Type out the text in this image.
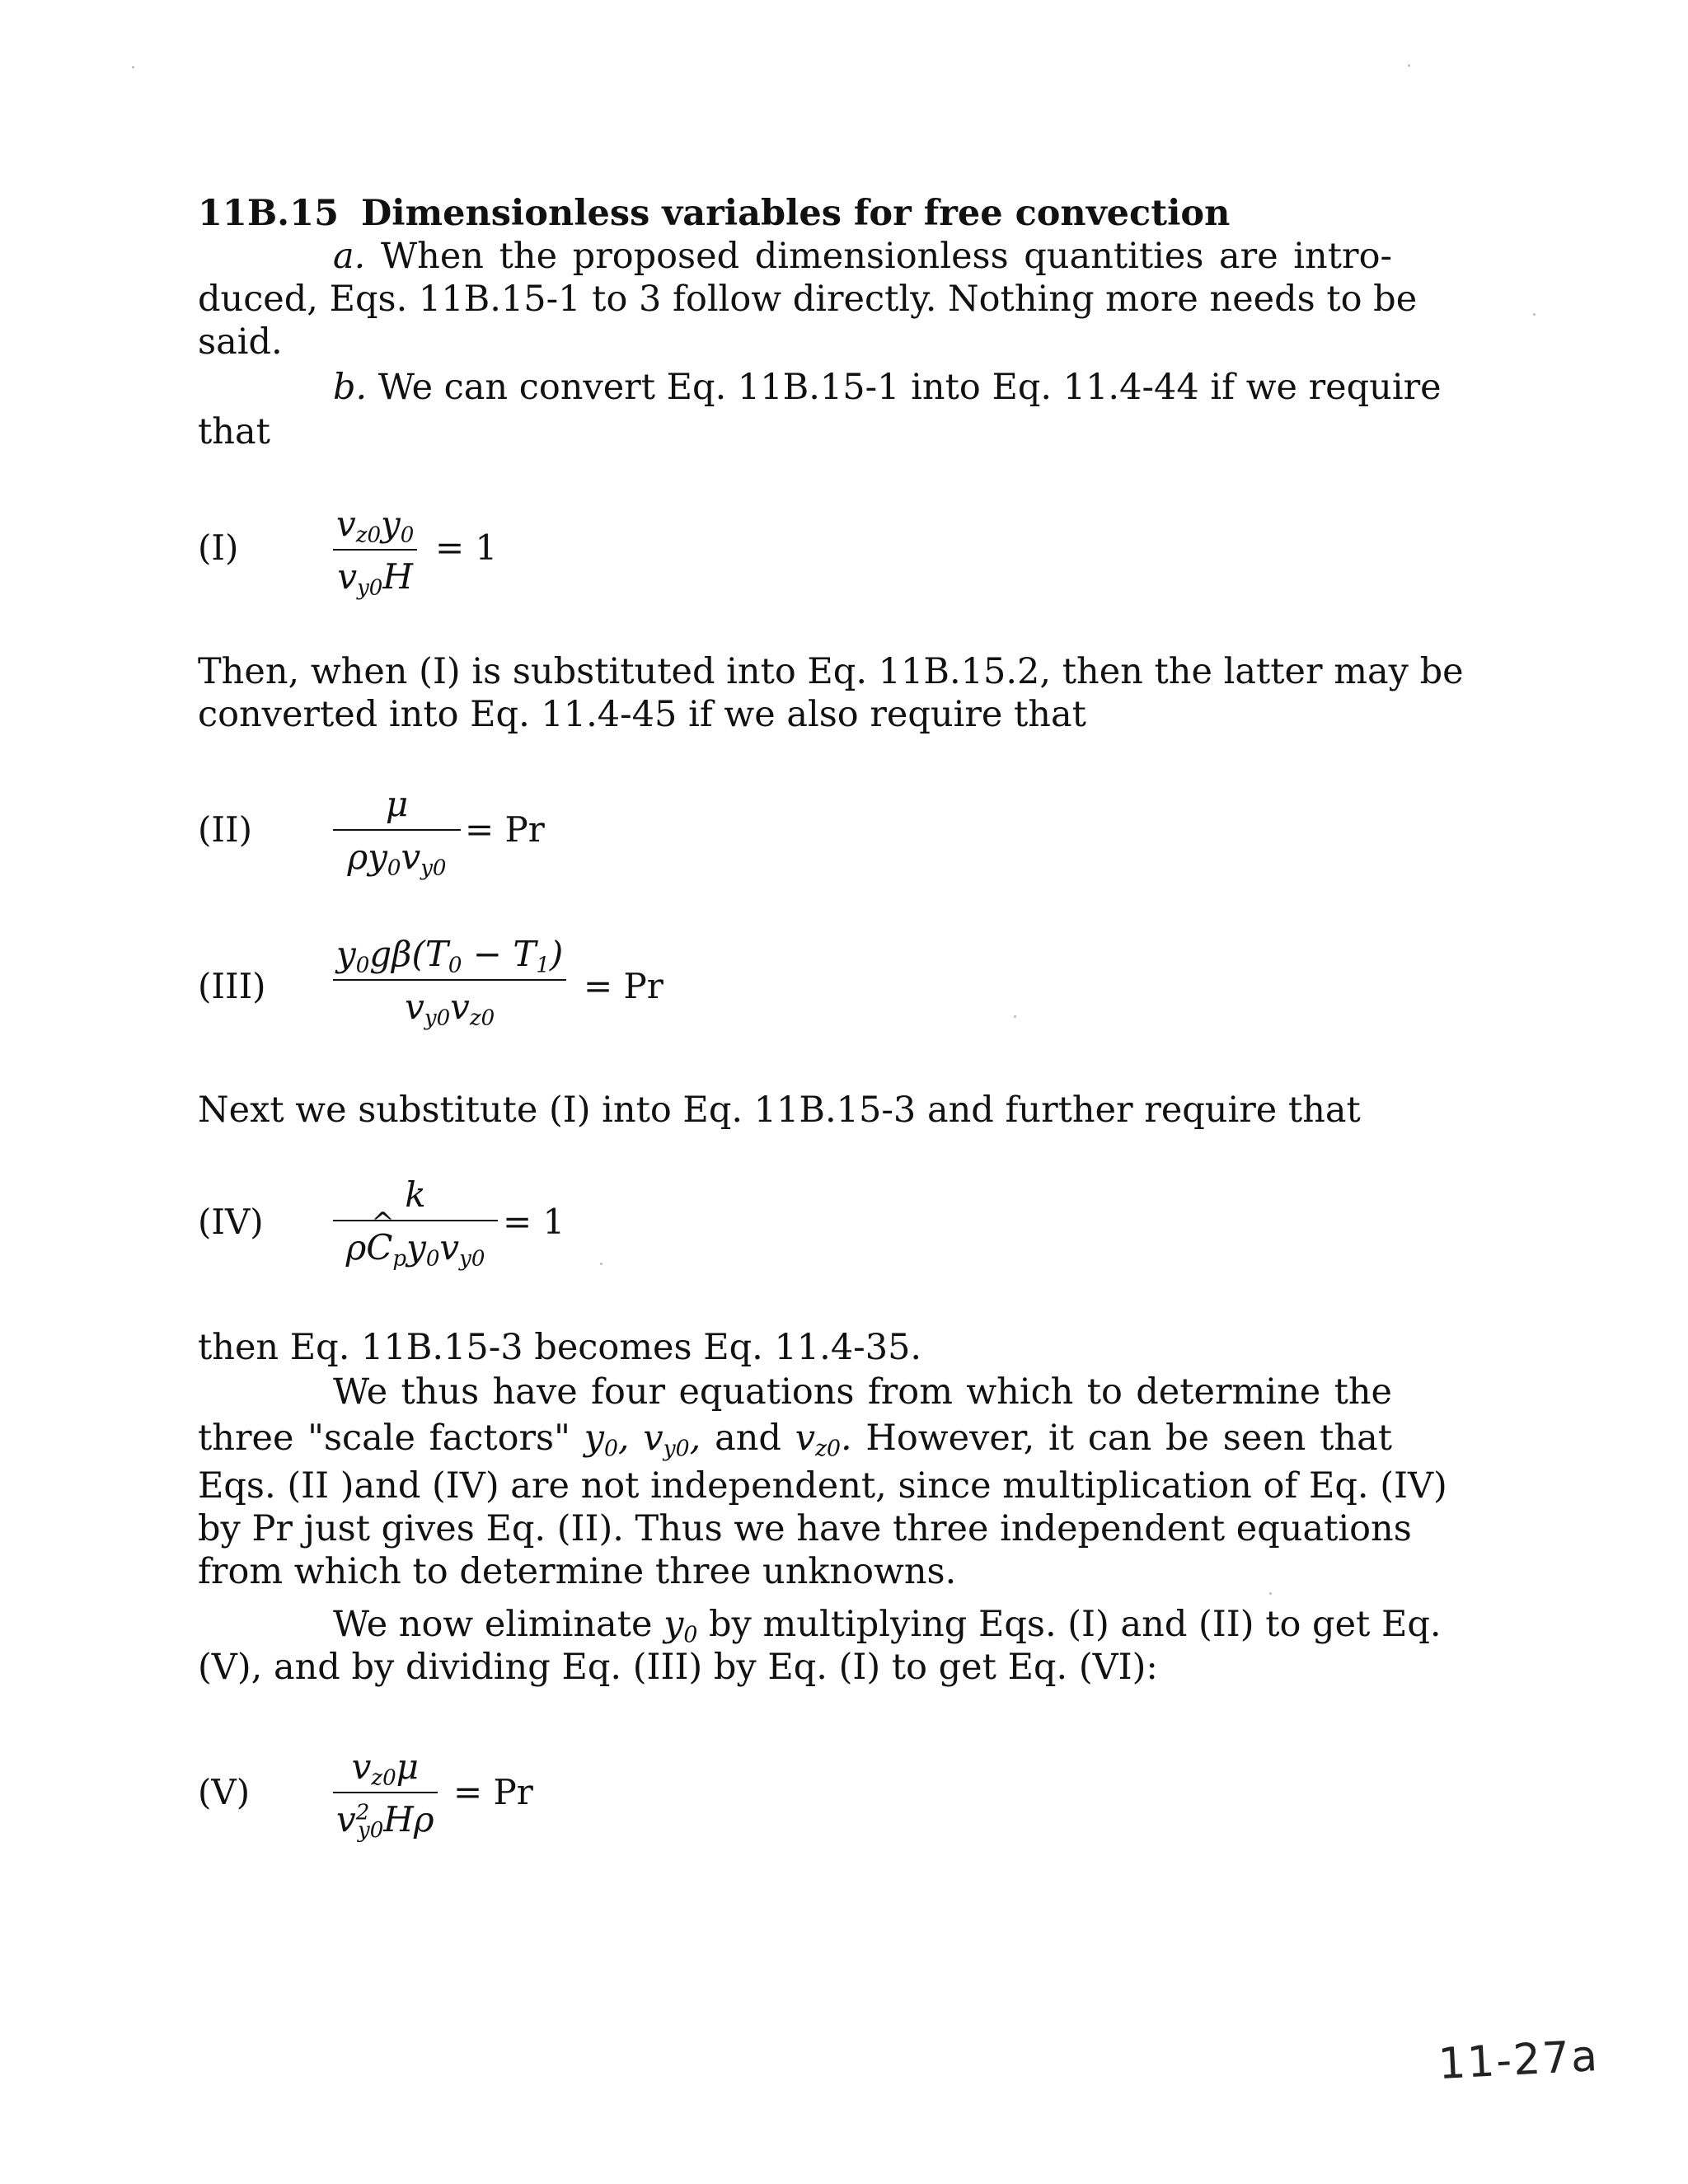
11B.15 Dimensionless variables for free convection
a. When the proposed dimensionless quantities are intro-
duced, Eqs. 11B.15-1 to 3 follow directly. Nothing more needs to be
said.
b. We can convert Eq. 11B.15-1 into Eq. 11.4-44 if we require
that
(I)
$v_{z0}y_0$
$v_{y0}H$
= 1
Then, when (I) is substituted into Eq. 11B.15.2, then the latter may be
converted into Eq. 11.4-45 if we also require that
(II)
μ
$\rho y_0v_{y0}$
= Pr
(III)
$y_0g\beta(T_0 - T_1)$
$v_{y0}v_{z0}$
= Pr
Next we substitute (I) into Eq. 11B.15-3 and further require that
(IV)
k
ρ^ $C_py_0v_{y0}$
= 1
then Eq. 11B.15-3 becomes Eq. 11.4-35.
We thus have four equations from which to determine the
three "scale factors" $y_0$, $v_{y0}$, and $v_{z0}$. However, it can be seen that
Eqs. (II )and (IV) are not independent, since multiplication of Eq. (IV)
by Pr just gives Eq. (II). Thus we have three independent equations
from which to determine three unknowns.
We now eliminate $y_0$ by multiplying Eqs. (I) and (II) to get Eq.
(V), and by dividing Eq. (III) by Eq. (I) to get Eq. (VI):
(V)
$v_{z0}\mu$
$v^2_{y0}H\rho$
= Pr
11-27a
